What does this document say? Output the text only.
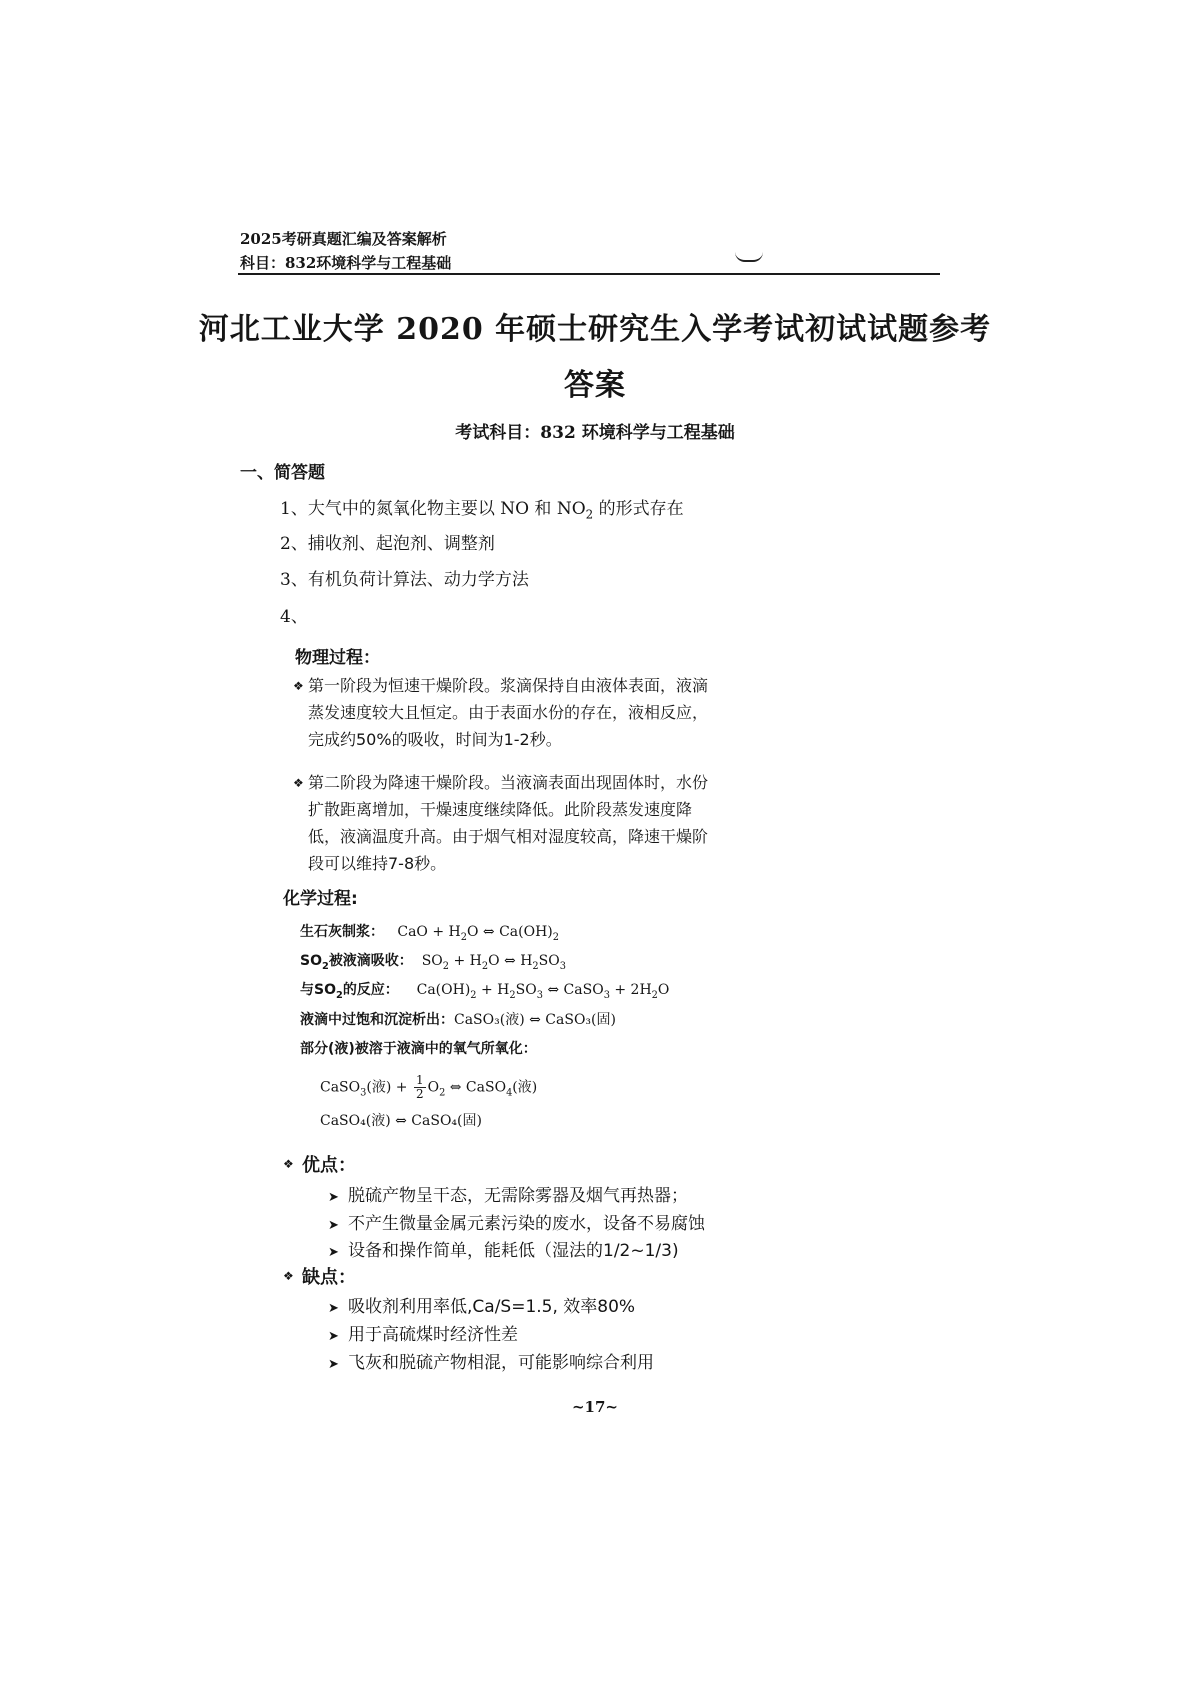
2025考研真题汇编及答案解析
科目：832环境科学与工程基础
河北工业大学 2020 年硕士研究生入学考试初试试题参考
答案
考试科目：832 环境科学与工程基础
一、简答题
1、大气中的氮氧化物主要以 NO 和 $NO_2$ 的形式存在
2、捕收剂、起泡剂、调整剂
3、有机负荷计算法、动力学方法
4、
物理过程：
❖ 第一阶段为恒速干燥阶段。浆滴保持自由液体表面，液滴蒸发速度较大且恒定。由于表面水份的存在，液相反应，完成约50%的吸收，时间为1-2秒。
❖ 第二阶段为降速干燥阶段。当液滴表面出现固体时，水份扩散距离增加，干燥速度继续降低。此阶段蒸发速度降低，液滴温度升高。由于烟气相对湿度较高，降速干燥阶段可以维持7-8秒。
化学过程:
生石灰制浆：   CaO + $H_2O$ ⇔ $Ca(OH)_2$
$SO_2$被液滴吸收：  $SO_2 + H_2O$ ⇔ $H_2SO_3$
与$SO_2$的反应：    $Ca(OH)_2 + H_2SO_3$ ⇔ CaSO$_3$ + $2H_2O$
液滴中过饱和沉淀析出：CaSO₃(液) ⇔ CaSO₃(固)
部分(液)被溶于液滴中的氧气所氧化：
CaSO$_3$(液) + $\frac{1}{2} O_2$ ⇔ CaSO$_4$(液)
CaSO₄(液) ⇔ CaSO₄(固)
❖ 优点：
➤ 脱硫产物呈干态，无需除雾器及烟气再热器；
➤ 不产生微量金属元素污染的废水，设备不易腐蚀
➤ 设备和操作简单，能耗低（湿法的1/2~1/3)
❖ 缺点：
➤ 吸收剂利用率低,Ca/S=1.5, 效率80%
➤ 用于高硫煤时经济性差
➤ 飞灰和脱硫产物相混，可能影响综合利用
~17~
